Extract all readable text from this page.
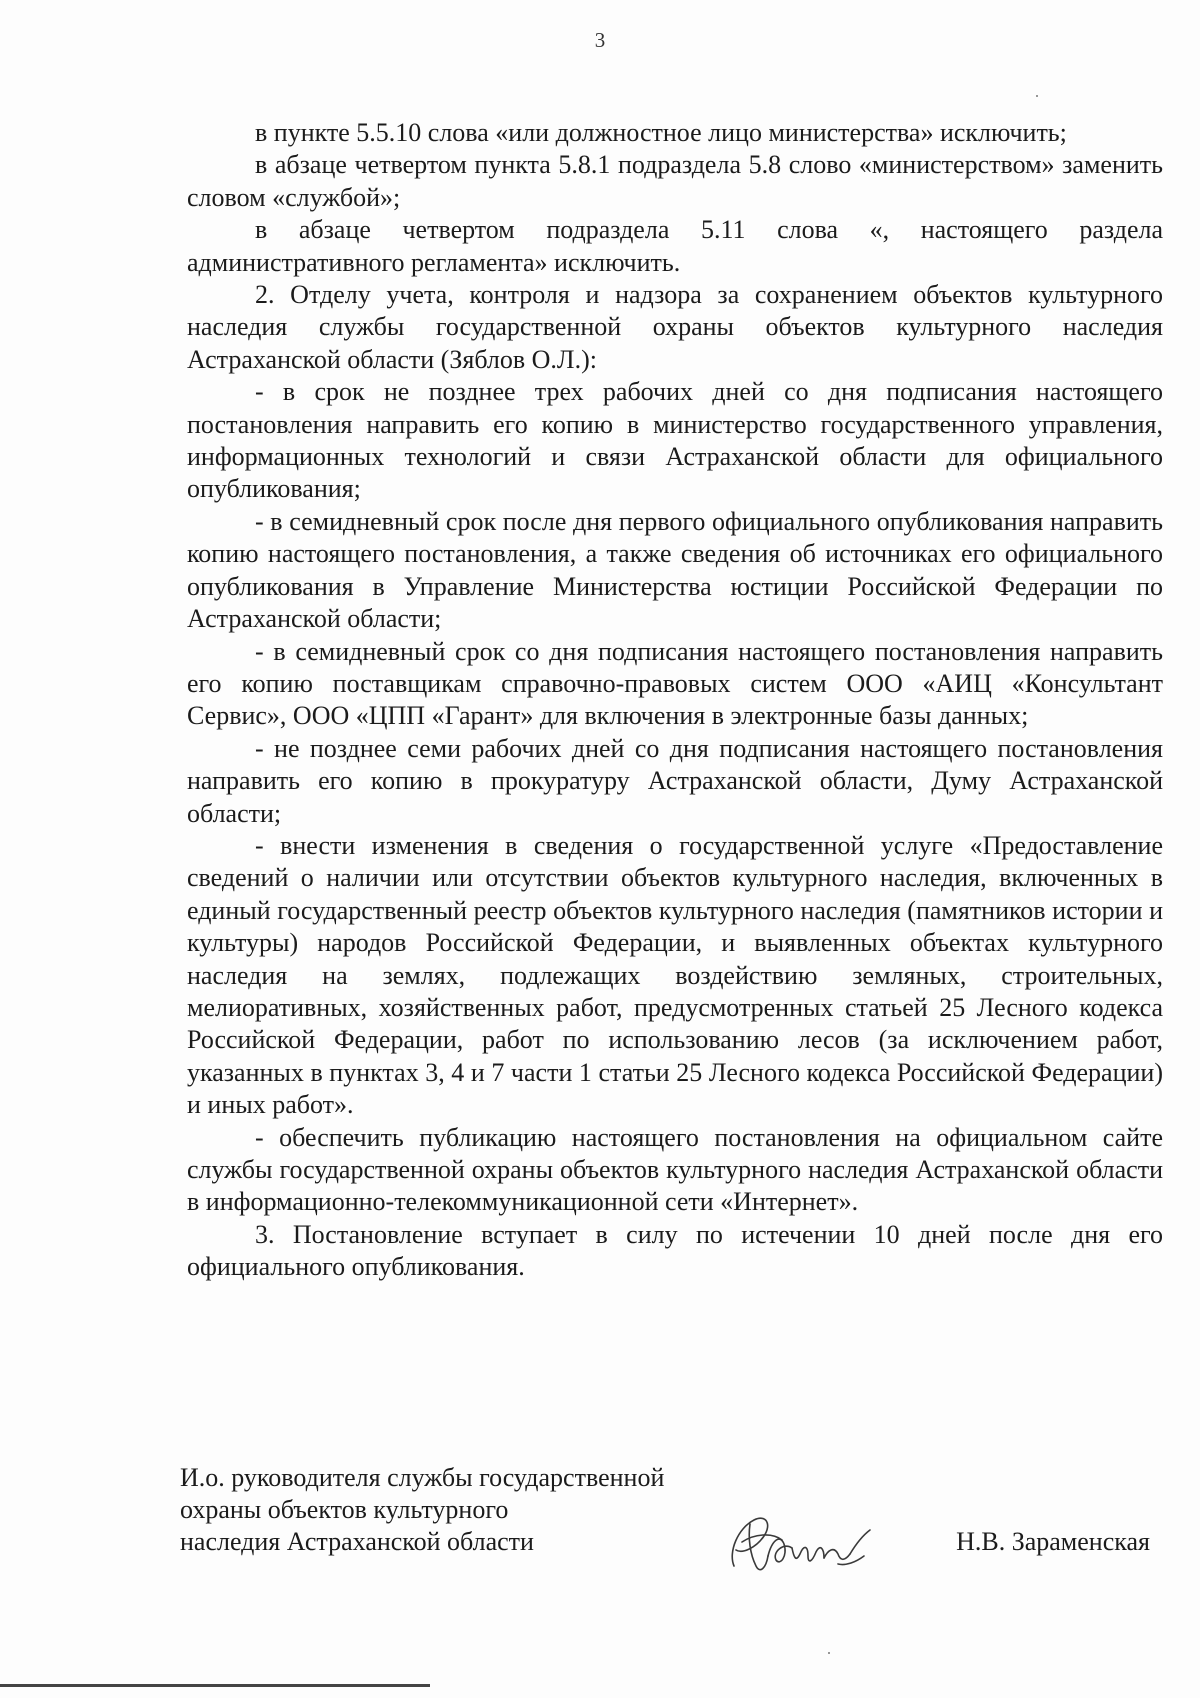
3

в пункте 5.5.10 слова «или должностное лицо министерства» исключить;

в абзаце четвертом пункта 5.8.1 подраздела 5.8 слово «министерством» заменить словом «службой»;

в абзаце четвертом подраздела 5.11 слова «, настоящего раздела административного регламента» исключить.

2. Отделу учета, контроля и надзора за сохранением объектов культурного наследия службы государственной охраны объектов культурного наследия Астраханской области (Зяблов О.Л.):

- в срок не позднее трех рабочих дней со дня подписания настоящего постановления направить его копию в министерство государственного управления, информационных технологий и связи Астраханской области для официального опубликования;

- в семидневный срок после дня первого официального опубликования направить копию настоящего постановления, а также сведения об источниках его официального опубликования в Управление Министерства юстиции Российской Федерации по Астраханской области;

- в семидневный срок со дня подписания настоящего постановления направить его копию поставщикам справочно-правовых систем ООО «АИЦ «Консультант Сервис», ООО «ЦПП «Гарант» для включения в электронные базы данных;

- не позднее семи рабочих дней со дня подписания настоящего постановления направить его копию в прокуратуру Астраханской области, Думу Астраханской области;

- внести изменения в сведения о государственной услуге «Предоставление сведений о наличии или отсутствии объектов культурного наследия, включенных в единый государственный реестр объектов культурного наследия (памятников истории и культуры) народов Российской Федерации, и выявленных объектах культурного наследия на землях, подлежащих воздействию земляных, строительных, мелиоративных, хозяйственных работ, предусмотренных статьей 25 Лесного кодекса Российской Федерации, работ по использованию лесов (за исключением работ, указанных в пунктах 3, 4 и 7 части 1 статьи 25 Лесного кодекса Российской Федерации) и иных работ».

- обеспечить публикацию настоящего постановления на официальном сайте службы государственной охраны объектов культурного наследия Астраханской области в информационно-телекоммуникационной сети «Интернет».

3. Постановление вступает в силу по истечении 10 дней после дня его официального опубликования.

И.о. руководителя службы государственной
охраны объектов культурного
наследия Астраханской области	Н.В. Зараменская
